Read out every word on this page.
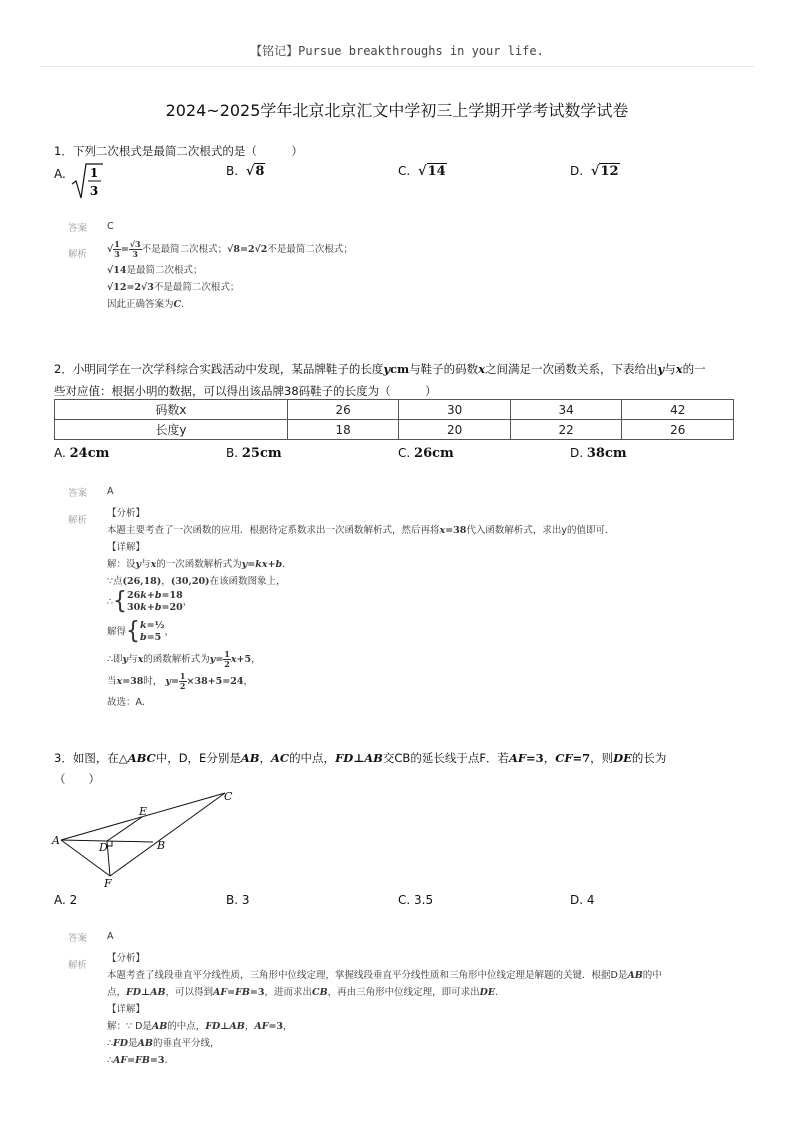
【铭记】Pursue breakthroughs in your life.
2024~2025学年北京北京汇文中学初三上学期开学考试数学试卷
1．下列二次根式是最简二次根式的是（　　　）
A. 1
3
B. √8	C. √14	D. √12
答案 C
解析 √ $\frac{1}{3} = \frac{√3}{3}$ 不是最简二次根式；√8=2√2不是最简二次根式；
√14是最简二次根式；
√12=2√3不是最简二次根式；
因此正确答案为C.
2．小明同学在一次学科综合实践活动中发现，某品牌鞋子的长度ycm与鞋子的码数x之间满足一次函数关系，下表给出y与x的一
些对应值：根据小明的数据，可以得出该品牌38码鞋子的长度为（　　　）
码数x	26	30	34	42
长度y	18	20	22	26
A. 24cm	B. 25cm	C. 26cm	D. 38cm
答案 A
解析
【分析】
本题主要考查了一次函数的应用．根据待定系数求出一次函数解析式，然后再将x=38代入函数解析式，求出y的值即可．
【详解】
解：设y与x的一次函数解析式为y=kx+b.
∵点(26,18)，(30,20)在该函数图象上，
∴{26k+b=18
30k+b=20，
解得{k=½
b=5 ，
∴即y与x的函数解析式为$y= \frac{1}{2} x+5$，
当x=38时， $y= \frac{1}{2} \times 38+5=24$，
故选：A．
3．如图，在△ABC中，D，E分别是AB，AC的中点，FD⊥AB交CB的延长线于点F．若AF=3，CF=7，则DE的长为
（　　）
A	B
C
D
E
F
A. 2	B. 3	C. 3.5	D. 4
答案 A
解析
【分析】
本题考查了线段垂直平分线性质，三角形中位线定理，掌握线段垂直平分线性质和三角形中位线定理是解题的关键．根据D是AB的中
点，FD⊥AB，可以得到AF=FB=3，进而求出CB，再由三角形中位线定理，即可求出DE.
【详解】
解：∵ D是AB的中点，FD⊥AB，AF=3，
∴FD是AB的垂直平分线，
∴AF=FB=3.
